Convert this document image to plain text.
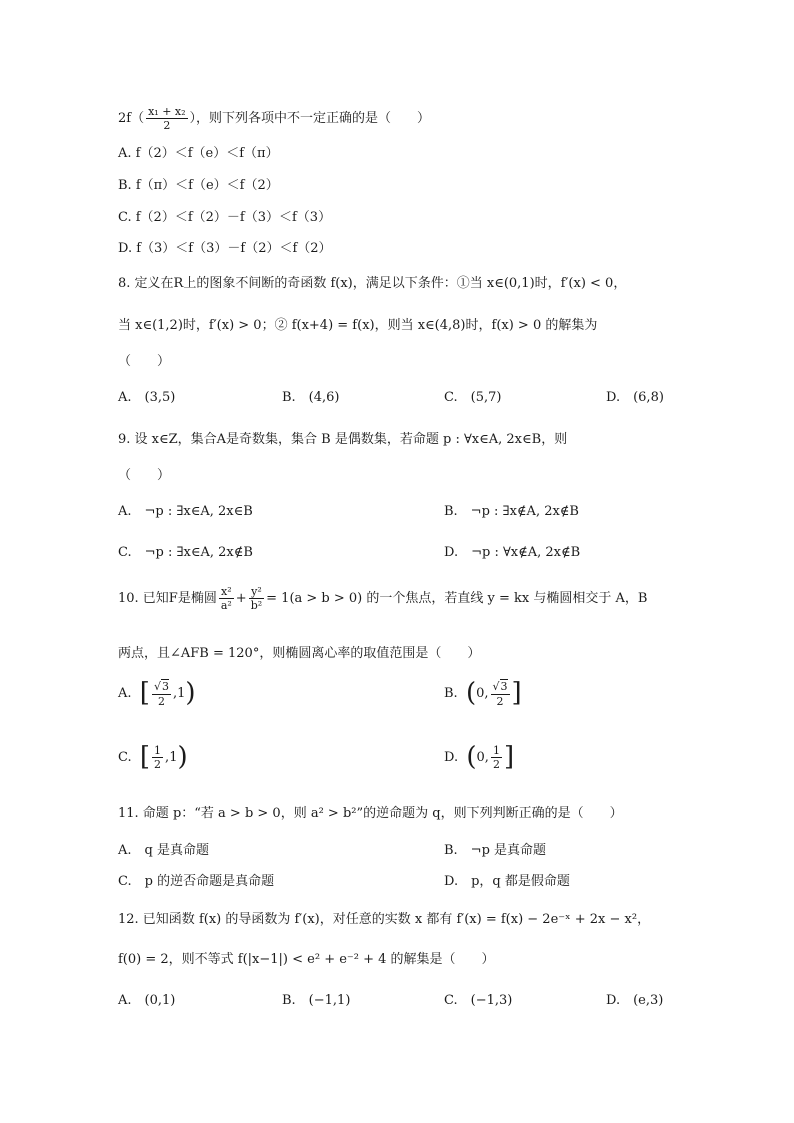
$2f( \frac{\text{x₁ + x₂}}{2}$ ），则下列各项中不一定正确的是（　　）
A. f（2）＜f（e）＜f（π）
B. f（π）＜f（e）＜f（2）
C. f（2）＜f（2）－f（3）＜f（3）
D. f（3）＜f（3）－f（2）＜f（2）
8. 定义在R上的图象不间断的奇函数 f(x)，满足以下条件：①当 x∈(0,1)时，f′(x) < 0，
当 x∈(1,2)时，f′(x) > 0；② f(x+4) = f(x)，则当 x∈(4,8)时，f(x) > 0 的解集为
（　　）
A.　(3,5)	B.　(4,6)	C.　(5,7)	D.　(6,8)
9. 设 x∈Z，集合A是奇数集，集合 B 是偶数集，若命题 p : ∀x∈A, 2x∈B，则
（　　）
A.　¬p : ∃x∈A, 2x∈B	B.　¬p : ∃x∉A, 2x∉B
C.　¬p : ∃x∈A, 2x∉B	D.　¬p : ∀x∉A, 2x∉B
10. 已知F是椭圆 $\frac{\text{x²}}{\text{a²}} + \frac{\text{y²}}{\text{b²}} = 1(a > b > 0)$ 的一个焦点，若直线 y = kx 与椭圆相交于 A，B
两点，且∠AFB = 120°，则椭圆离心率的取值范围是（　　）
A. [ $\frac{√3}{2} ,1$)	B. (0, $\frac{√3}{2}$ ]
C. [ $\frac{1}{2} ,1$)	D. (0, $\frac{1}{2}$ ]
11. 命题 p：“若 a > b > 0，则 a² > b²”的逆命题为 q，则下列判断正确的是（　　）
A.　q 是真命题	B.　¬p 是真命题
C.　p 的逆否命题是真命题	D.　p，q 都是假命题
12. 已知函数 f(x) 的导函数为 f′(x)，对任意的实数 x 都有 f′(x) = f(x) − 2e⁻ˣ + 2x − x²，
f(0) = 2，则不等式 f(|x−1|) < e² + e⁻² + 4 的解集是（　　）
A.　(0,1)	B.　(−1,1)	C.　(−1,3)	D.　(e,3)
